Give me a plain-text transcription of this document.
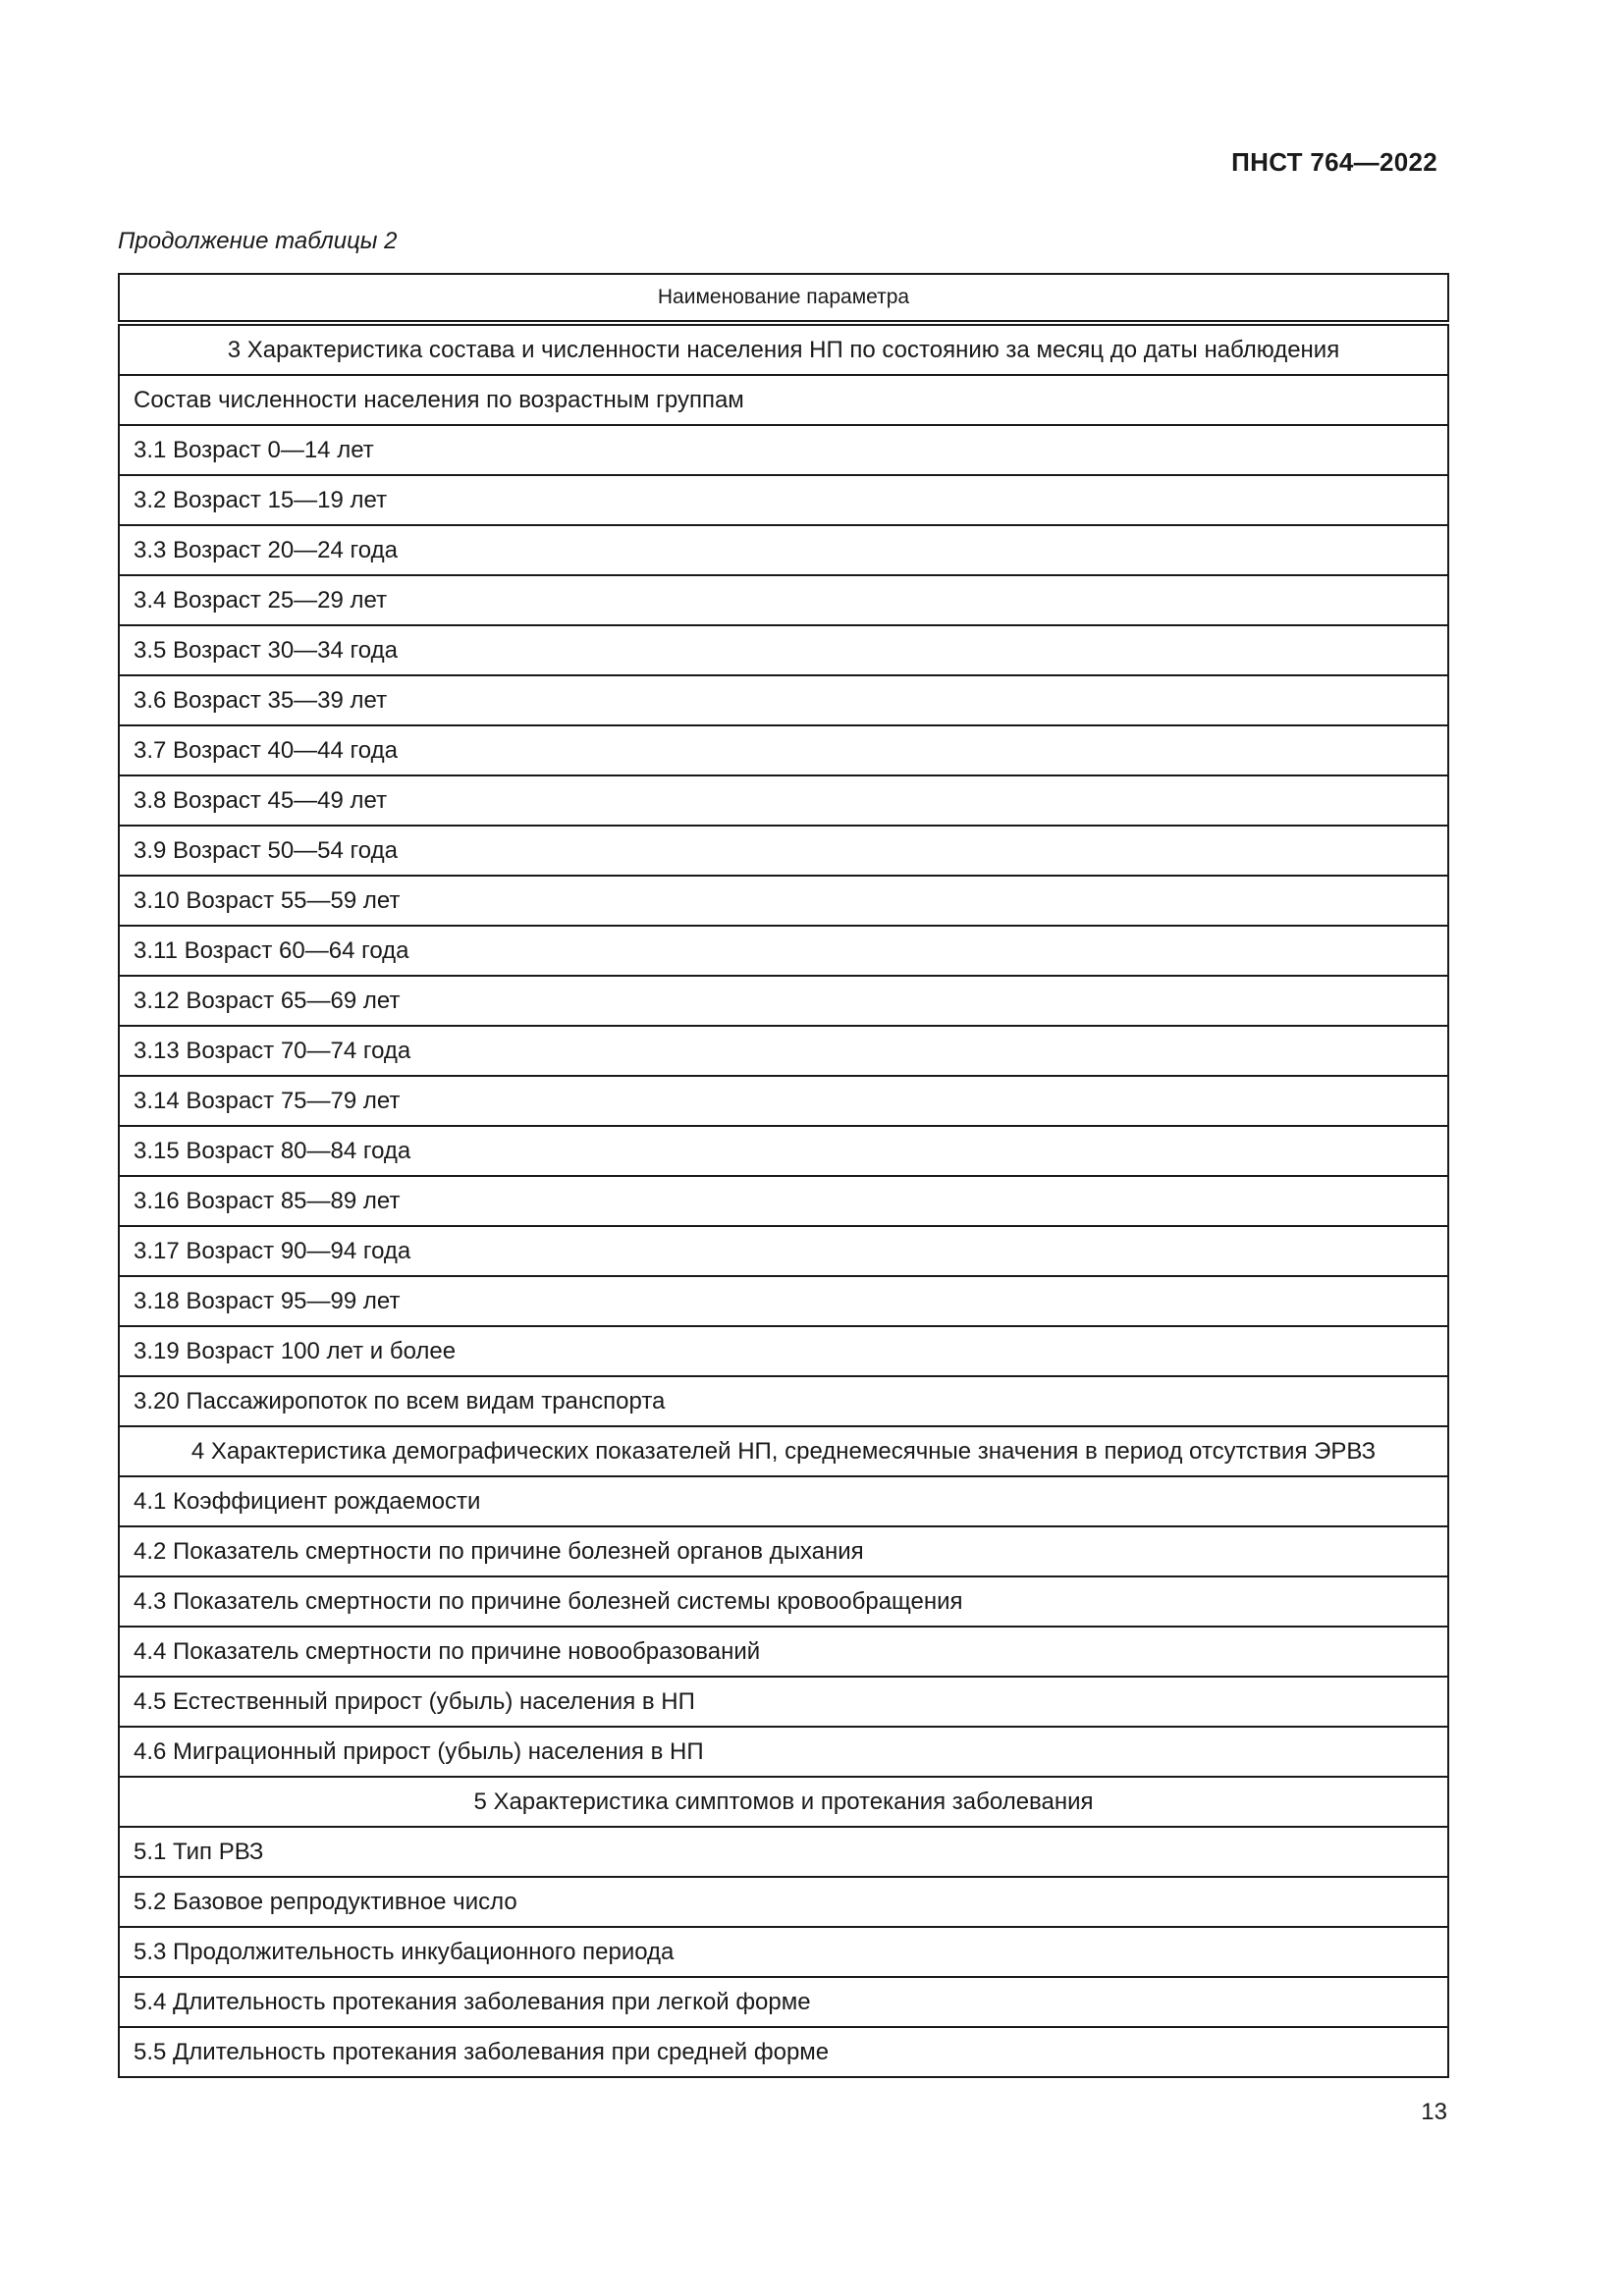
ПНСТ 764—2022

Продолжение таблицы 2

Наименование параметра
3 Характеристика состава и численности населения НП по состоянию за месяц до даты наблюдения
Состав численности населения по возрастным группам
3.1 Возраст 0—14 лет
3.2 Возраст 15—19 лет
3.3 Возраст 20—24 года
3.4 Возраст 25—29 лет
3.5 Возраст 30—34 года
3.6 Возраст 35—39 лет
3.7 Возраст 40—44 года
3.8 Возраст 45—49 лет
3.9 Возраст 50—54 года
3.10 Возраст 55—59 лет
3.11 Возраст 60—64 года
3.12 Возраст 65—69 лет
3.13 Возраст 70—74 года
3.14 Возраст 75—79 лет
3.15 Возраст 80—84 года
3.16 Возраст 85—89 лет
3.17 Возраст 90—94 года
3.18 Возраст 95—99 лет
3.19 Возраст 100 лет и более
3.20 Пассажиропоток по всем видам транспорта
4 Характеристика демографических показателей НП, среднемесячные значения в период отсутствия ЭРВЗ
4.1 Коэффициент рождаемости
4.2 Показатель смертности по причине болезней органов дыхания
4.3 Показатель смертности по причине болезней системы кровообращения
4.4 Показатель смертности по причине новообразований
4.5 Естественный прирост (убыль) населения в НП
4.6 Миграционный прирост (убыль) населения в НП
5 Характеристика симптомов и протекания заболевания
5.1 Тип РВЗ
5.2 Базовое репродуктивное число
5.3 Продолжительность инкубационного периода
5.4 Длительность протекания заболевания при легкой форме
5.5 Длительность протекания заболевания при средней форме

13
